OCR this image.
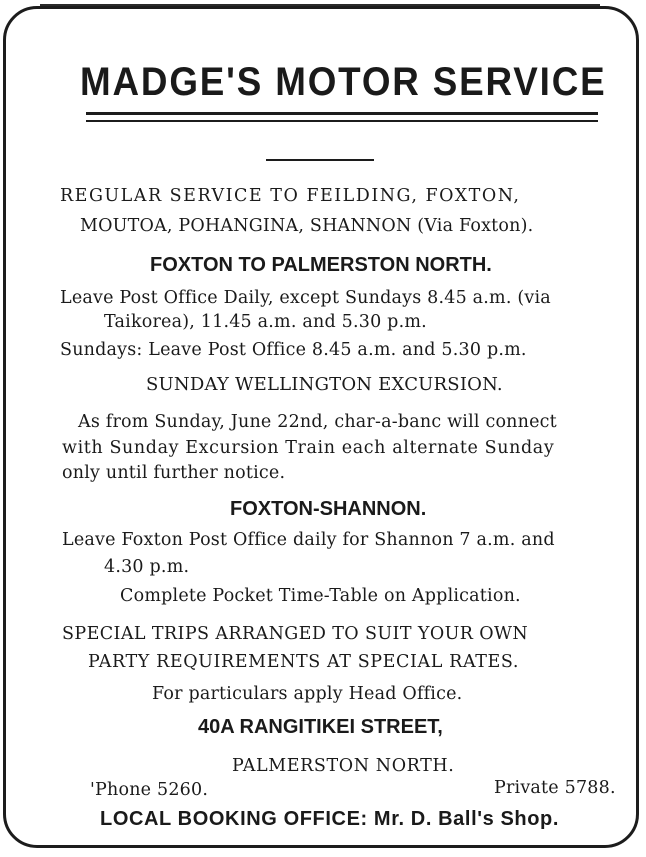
MADGE'S MOTOR SERVICE
REGULAR SERVICE TO FEILDING, FOXTON,
MOUTOA, POHANGINA, SHANNON (Via Foxton).
FOXTON TO PALMERSTON NORTH.
Leave Post Office Daily, except Sundays 8.45 a.m. (via
Taikorea), 11.45 a.m. and 5.30 p.m.
Sundays: Leave Post Office 8.45 a.m. and 5.30 p.m.
SUNDAY WELLINGTON EXCURSION.
As from Sunday, June 22nd, char-a-banc will connect
with Sunday Excursion Train each alternate Sunday
only until further notice.
FOXTON-SHANNON.
Leave Foxton Post Office daily for Shannon 7 a.m. and
4.30 p.m.
Complete Pocket Time-Table on Application.
SPECIAL TRIPS ARRANGED TO SUIT YOUR OWN
PARTY REQUIREMENTS AT SPECIAL RATES.
For particulars apply Head Office.
40A RANGITIKEI STREET,
PALMERSTON NORTH.
'Phone 5260.	Private 5788.
LOCAL BOOKING OFFICE: Mr. D. Ball's Shop.
